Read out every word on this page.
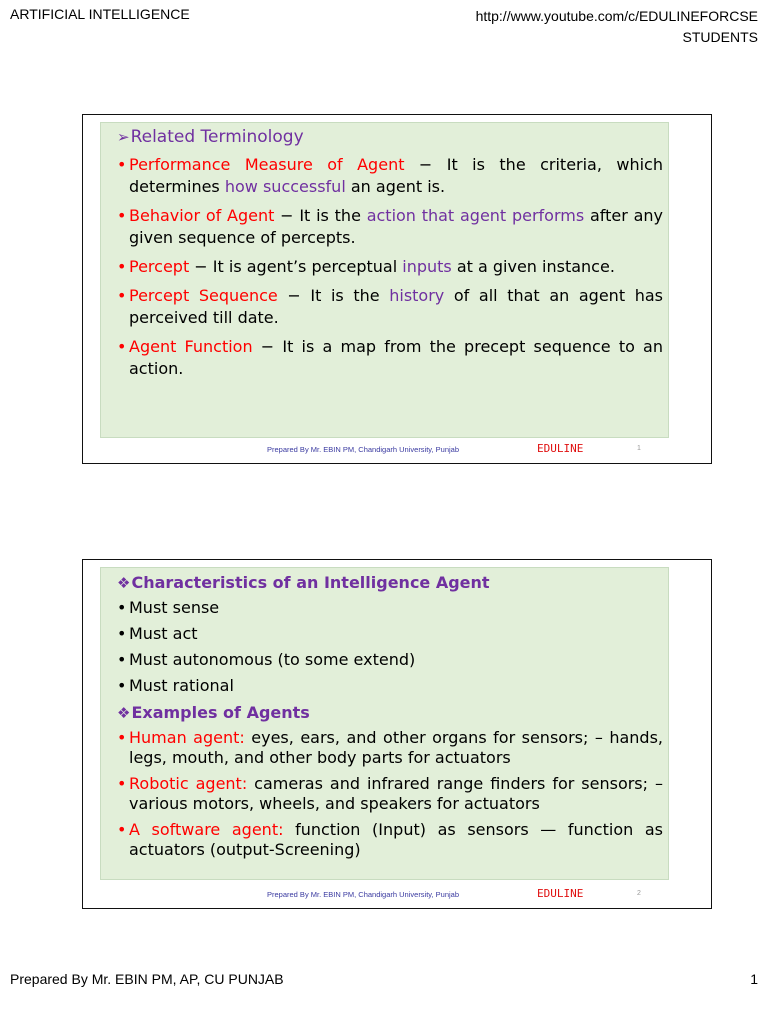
ARTIFICIAL INTELLIGENCE	http://www.youtube.com/c/EDULINEFORCSE
STUDENTS
➢Related Terminology
• Performance Measure of Agent − It is the criteria, which determines how successful an agent is.
• Behavior of Agent − It is the action that agent performs after any given sequence of percepts.
• Percept − It is agent’s perceptual inputs at a given instance.
• Percept Sequence − It is the history of all that an agent has perceived till date.
• Agent Function − It is a map from the precept sequence to an action.
Prepared By Mr. EBIN PM, Chandigarh University, Punjab	EDULINE	1
❖Characteristics of an Intelligence Agent
• Must sense
• Must act
• Must autonomous (to some extend)
• Must rational
❖Examples of Agents
• Human agent: eyes, ears, and other organs for sensors; – hands, legs, mouth, and other body parts for actuators
• Robotic agent: cameras and infrared range finders for sensors; – various motors, wheels, and speakers for actuators
• A software agent: function (Input) as sensors — function as actuators (output-Screening)
Prepared By Mr. EBIN PM, Chandigarh University, Punjab	EDULINE	2
Prepared By Mr. EBIN PM, AP, CU PUNJAB	1
